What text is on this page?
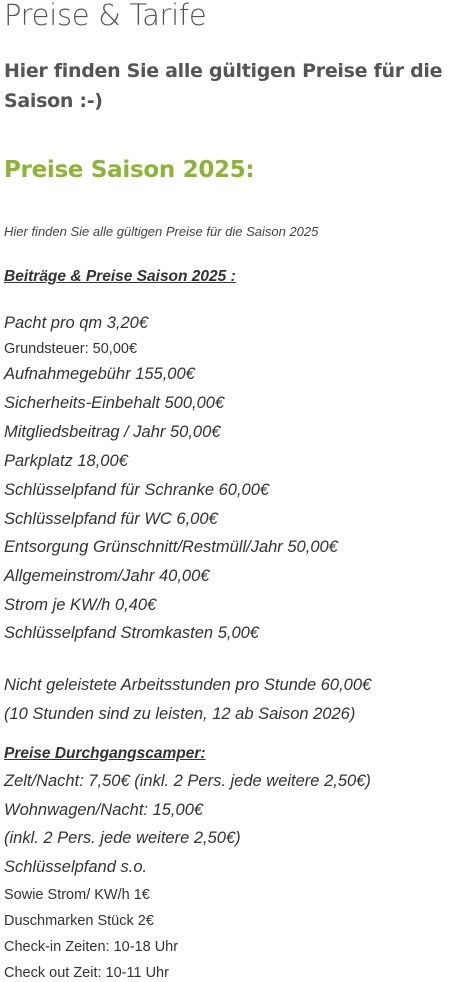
Preise & Tarife
Hier finden Sie alle gültigen Preise für die Saison :-)
Preise Saison 2025:
Hier finden Sie alle gültigen Preise für die Saison 2025
Beiträge & Preise Saison 2025 :
Pacht pro qm 3,20€
Grundsteuer: 50,00€
Aufnahmegebühr 155,00€
Sicherheits-Einbehalt 500,00€
Mitgliedsbeitrag / Jahr 50,00€
Parkplatz 18,00€
Schlüsselpfand für Schranke 60,00€
Schlüsselpfand für WC 6,00€
Entsorgung Grünschnitt/Restmüll/Jahr 50,00€
Allgemeinstrom/Jahr 40,00€
Strom je KW/h 0,40€
Schlüsselpfand Stromkasten 5,00€
Nicht geleistete Arbeitsstunden pro Stunde 60,00€
(10 Stunden sind zu leisten, 12 ab Saison 2026)
Preise Durchgangscamper:
Zelt/Nacht: 7,50€ (inkl. 2 Pers. jede weitere 2,50€)
Wohnwagen/Nacht: 15,00€
(inkl. 2 Pers. jede weitere 2,50€)
Schlüsselpfand s.o.
Sowie Strom/ KW/h 1€
Duschmarken Stück 2€
Check-in Zeiten: 10-18 Uhr
Check out Zeit: 10-11 Uhr
